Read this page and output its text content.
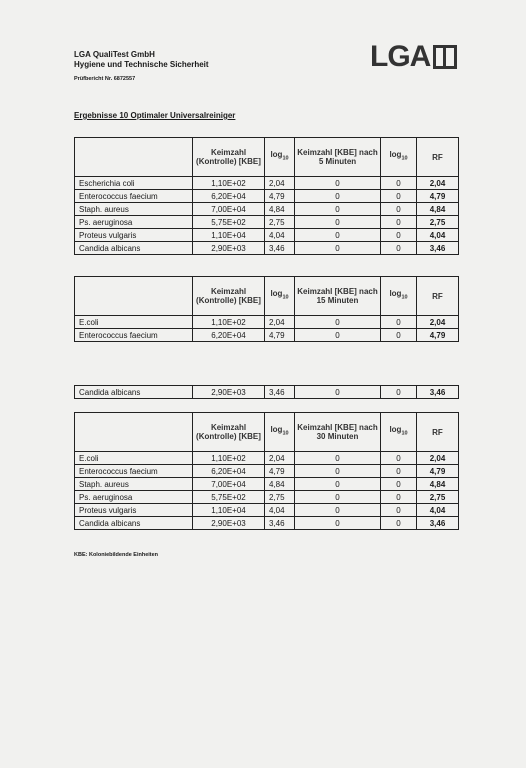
LGA QualiTest GmbH
Hygiene und Technische Sicherheit
Prüfbericht Nr. 6872557
LGA
Ergebnisse 10 Optimaler Universalreiniger
	Keimzahl (Kontrolle) [KBE]	$\log_{10}$	Keimzahl [KBE] nach 5 Minuten	$\log_{10}$	RF
Escherichia coli	1,10E+02	2,04	0	0	2,04
Enterococcus faecium	6,20E+04	4,79	0	0	4,79
Staph. aureus	7,00E+04	4,84	0	0	4,84
Ps. aeruginosa	5,75E+02	2,75	0	0	2,75
Proteus vulgaris	1,10E+04	4,04	0	0	4,04
Candida albicans	2,90E+03	3,46	0	0	3,46
	Keimzahl (Kontrolle) [KBE]	$\log_{10}$	Keimzahl [KBE] nach 15 Minuten	$\log_{10}$	RF
E.coli	1,10E+02	2,04	0	0	2,04
Enterococcus faecium	6,20E+04	4,79	0	0	4,79
Candida albicans	2,90E+03	3,46	0	0	3,46
	Keimzahl (Kontrolle) [KBE]	$\log_{10}$	Keimzahl [KBE] nach 30 Minuten	$\log_{10}$	RF
E.coli	1,10E+02	2,04	0	0	2,04
Enterococcus faecium	6,20E+04	4,79	0	0	4,79
Staph. aureus	7,00E+04	4,84	0	0	4,84
Ps. aeruginosa	5,75E+02	2,75	0	0	2,75
Proteus vulgaris	1,10E+04	4,04	0	0	4,04
Candida albicans	2,90E+03	3,46	0	0	3,46
KBE: Koloniebildende Einheiten
